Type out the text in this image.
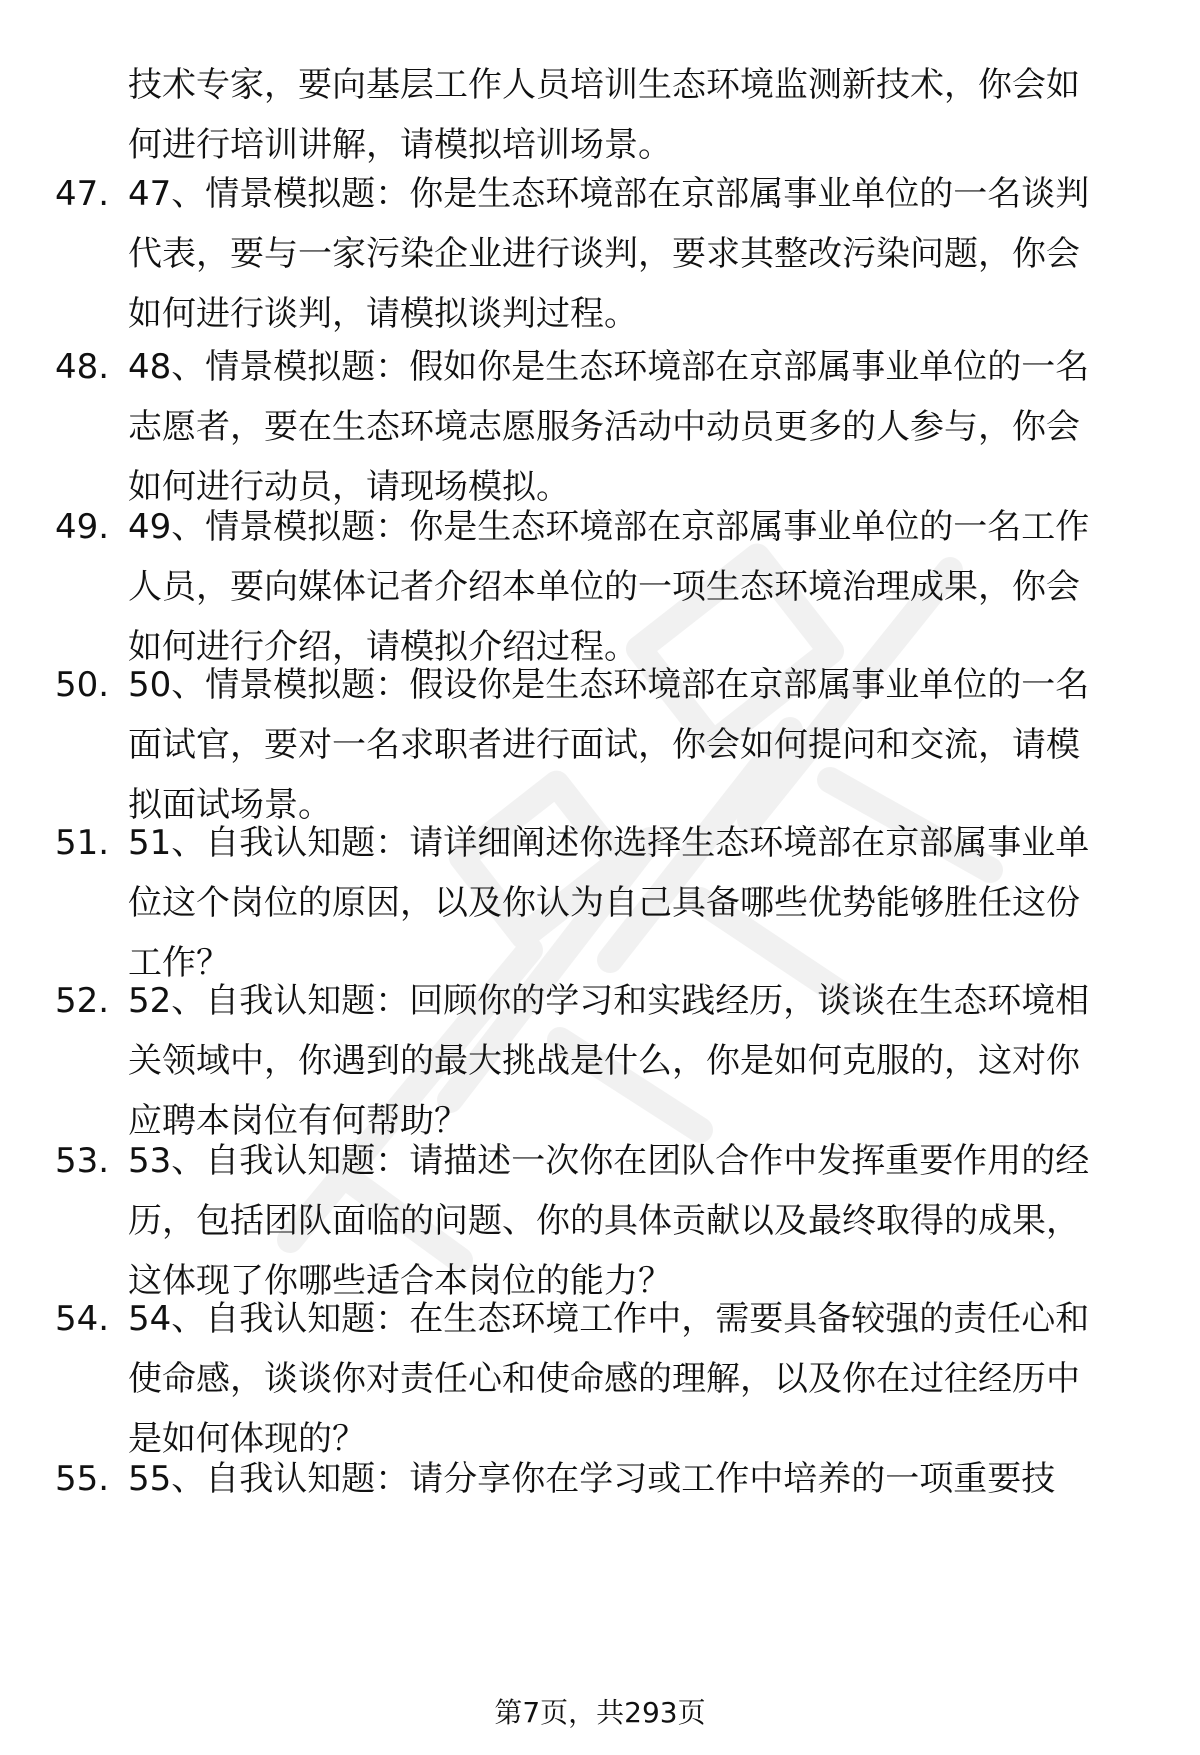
技术专家，要向基层工作人员培训生态环境监测新技术，你会如
何进行培训讲解，请模拟培训场景。
47. 47、情景模拟题：你是生态环境部在京部属事业单位的一名谈判
代表，要与一家污染企业进行谈判，要求其整改污染问题，你会
如何进行谈判，请模拟谈判过程。
48. 48、情景模拟题：假如你是生态环境部在京部属事业单位的一名
志愿者，要在生态环境志愿服务活动中动员更多的人参与，你会
如何进行动员，请现场模拟。
49. 49、情景模拟题：你是生态环境部在京部属事业单位的一名工作
人员，要向媒体记者介绍本单位的一项生态环境治理成果，你会
如何进行介绍，请模拟介绍过程。
50. 50、情景模拟题：假设你是生态环境部在京部属事业单位的一名
面试官，要对一名求职者进行面试，你会如何提问和交流，请模
拟面试场景。
51. 51、自我认知题：请详细阐述你选择生态环境部在京部属事业单
位这个岗位的原因，以及你认为自己具备哪些优势能够胜任这份
工作？
52. 52、自我认知题：回顾你的学习和实践经历，谈谈在生态环境相
关领域中，你遇到的最大挑战是什么，你是如何克服的，这对你
应聘本岗位有何帮助？
53. 53、自我认知题：请描述一次你在团队合作中发挥重要作用的经
历，包括团队面临的问题、你的具体贡献以及最终取得的成果，
这体现了你哪些适合本岗位的能力？
54. 54、自我认知题：在生态环境工作中，需要具备较强的责任心和
使命感，谈谈你对责任心和使命感的理解，以及你在过往经历中
是如何体现的？
55. 55、自我认知题：请分享你在学习或工作中培养的一项重要技
第7页，共293页
